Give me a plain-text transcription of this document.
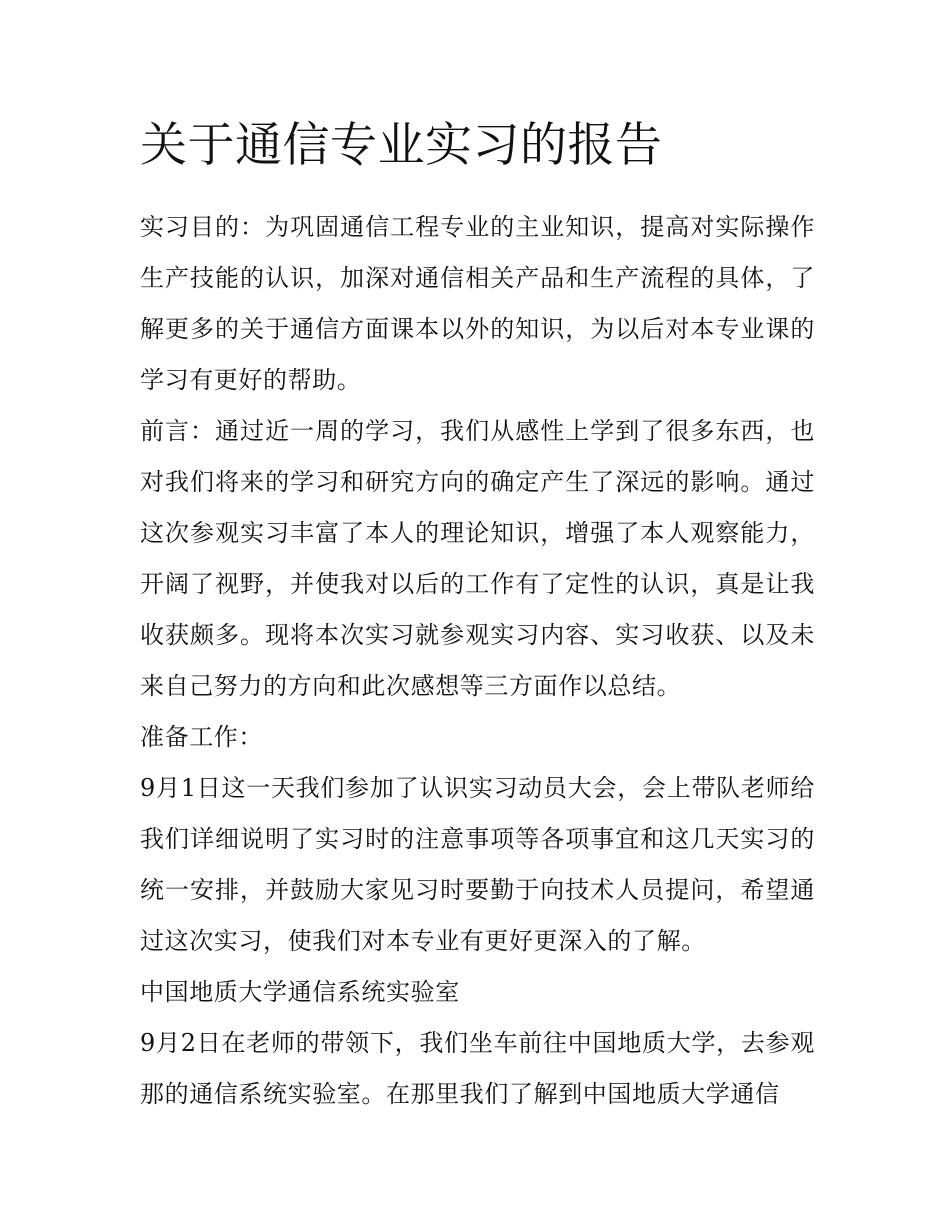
关于通信专业实习的报告

实习目的：为巩固通信工程专业的主业知识，提高对实际操作生产技能的认识，加深对通信相关产品和生产流程的具体，了解更多的关于通信方面课本以外的知识，为以后对本专业课的学习有更好的帮助。

前言：通过近一周的学习，我们从感性上学到了很多东西，也对我们将来的学习和研究方向的确定产生了深远的影响。通过这次参观实习丰富了本人的理论知识，增强了本人观察能力，开阔了视野，并使我对以后的工作有了定性的认识，真是让我收获颇多。现将本次实习就参观实习内容、实习收获、以及未来自己努力的方向和此次感想等三方面作以总结。

准备工作：

9月1日这一天我们参加了认识实习动员大会，会上带队老师给我们详细说明了实习时的注意事项等各项事宜和这几天实习的统一安排，并鼓励大家见习时要勤于向技术人员提问，希望通过这次实习，使我们对本专业有更好更深入的了解。

中国地质大学通信系统实验室

9月2日在老师的带领下，我们坐车前往中国地质大学，去参观那的通信系统实验室。在那里我们了解到中国地质大学通信
